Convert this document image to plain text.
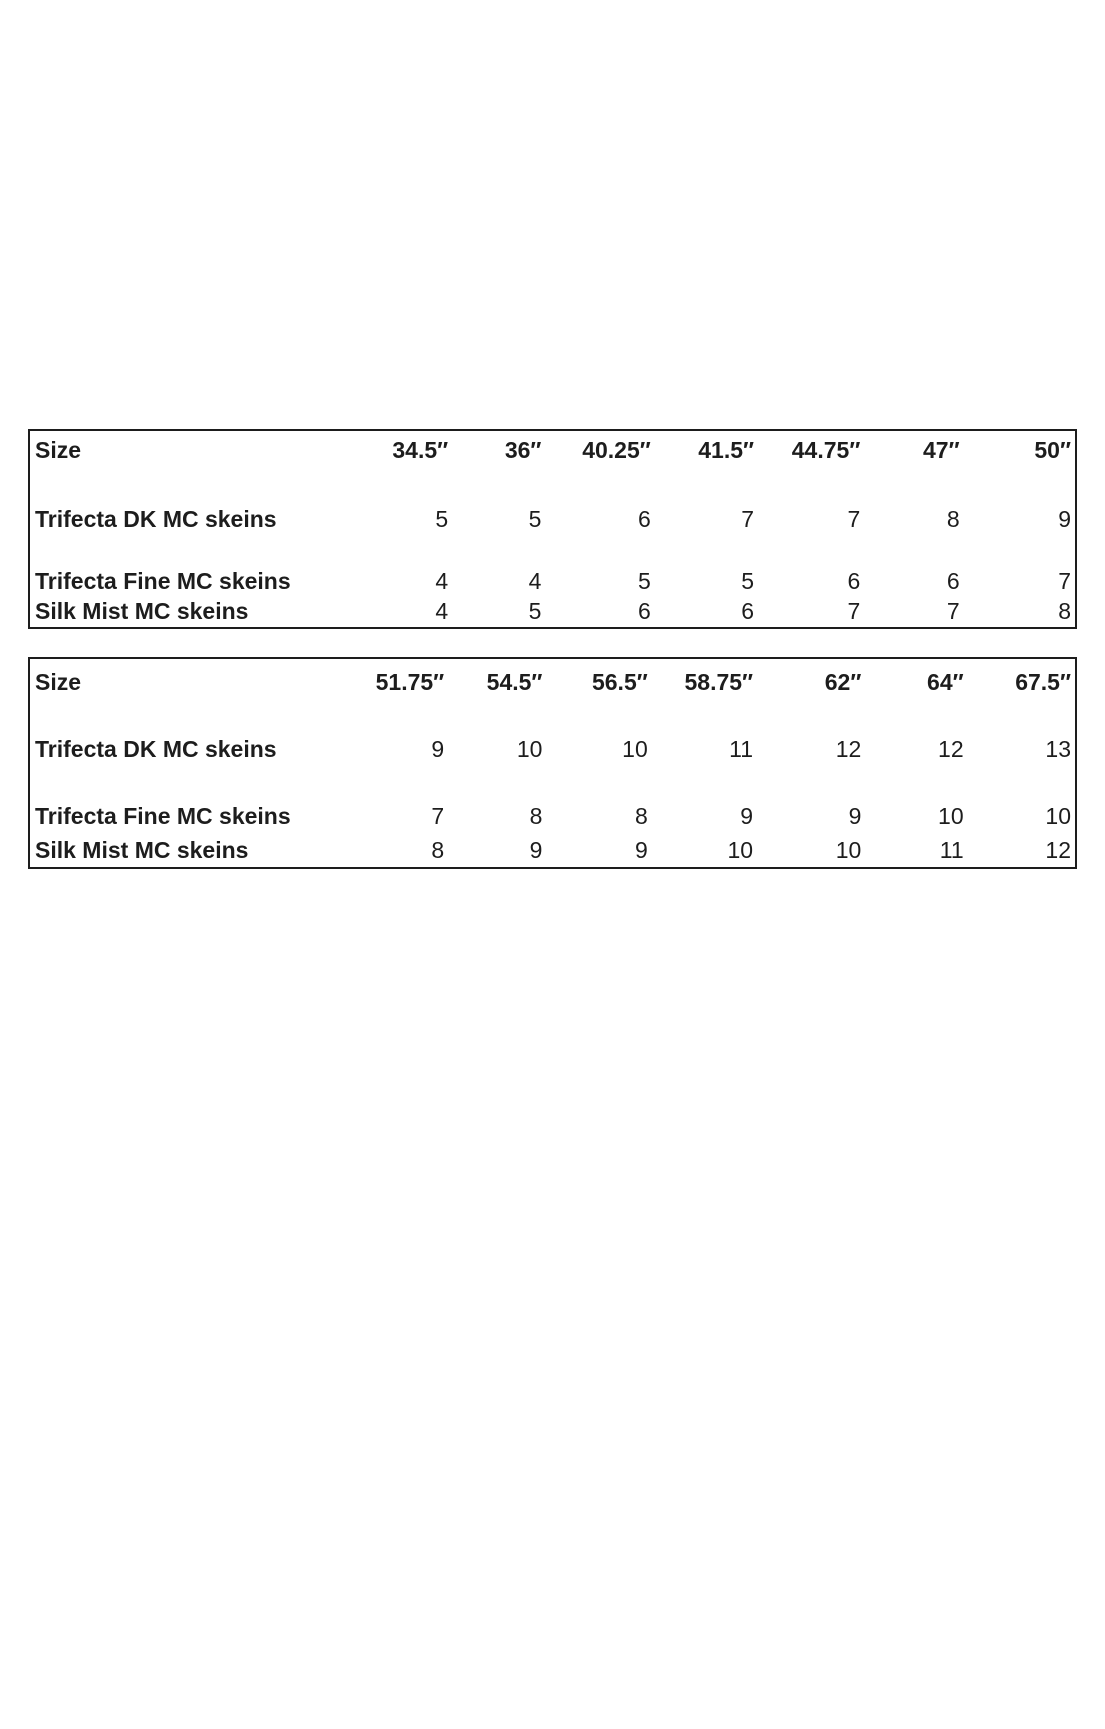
Size	34.5″	36″	40.25″	41.5″	44.75″	47″	50″
Trifecta DK MC skeins	5	5	6	7	7	8	9
Trifecta Fine MC skeins	4	4	5	5	6	6	7
Silk Mist MC skeins	4	5	6	6	7	7	8
Size	51.75″	54.5″	56.5″	58.75″	62″	64″	67.5″
Trifecta DK MC skeins	9	10	10	11	12	12	13
Trifecta Fine MC skeins	7	8	8	9	9	10	10
Silk Mist MC skeins	8	9	9	10	10	11	12
